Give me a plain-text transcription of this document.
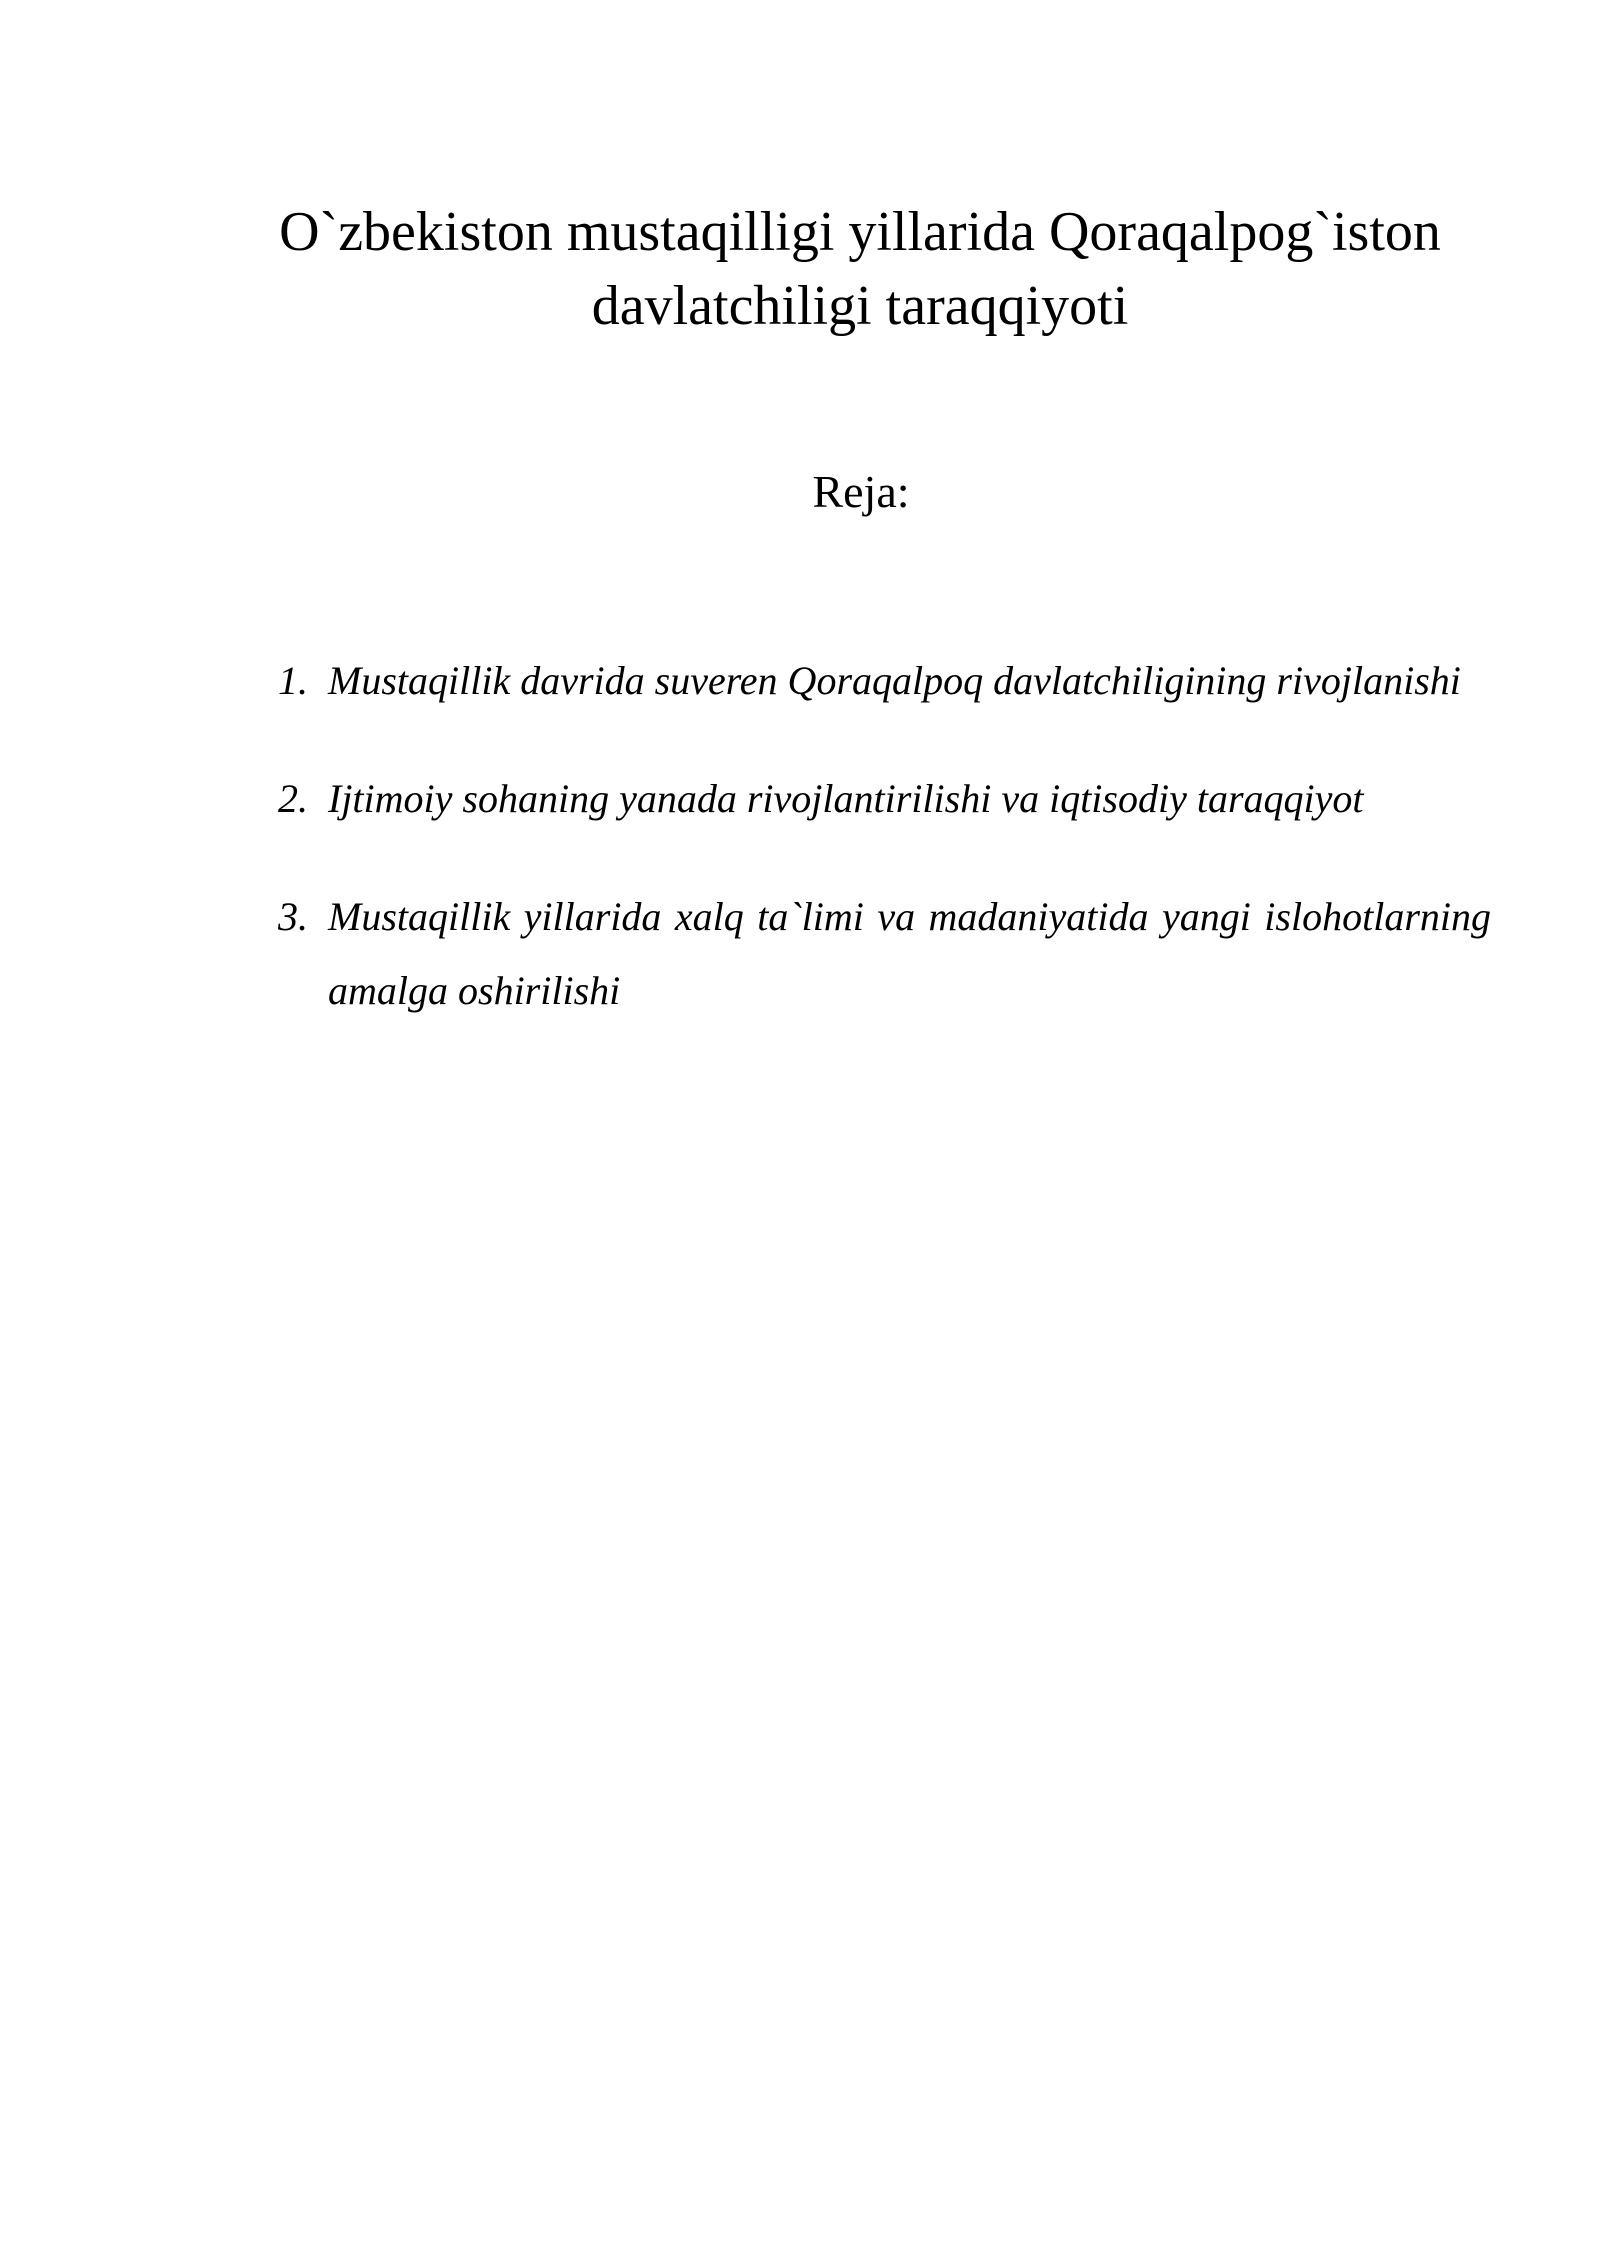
O`zbekiston mustaqilligi yillarida Qoraqalpog`iston
davlatchiligi taraqqiyoti
Reja:
1. Mustaqillik davrida suveren Qoraqalpoq davlatchiligining rivojlanishi
2. Ijtimoiy sohaning yanada rivojlantirilishi va iqtisodiy taraqqiyot
3. Mustaqillik yillarida xalq ta`limi va madaniyatida yangi islohotlarning amalga oshirilishi
